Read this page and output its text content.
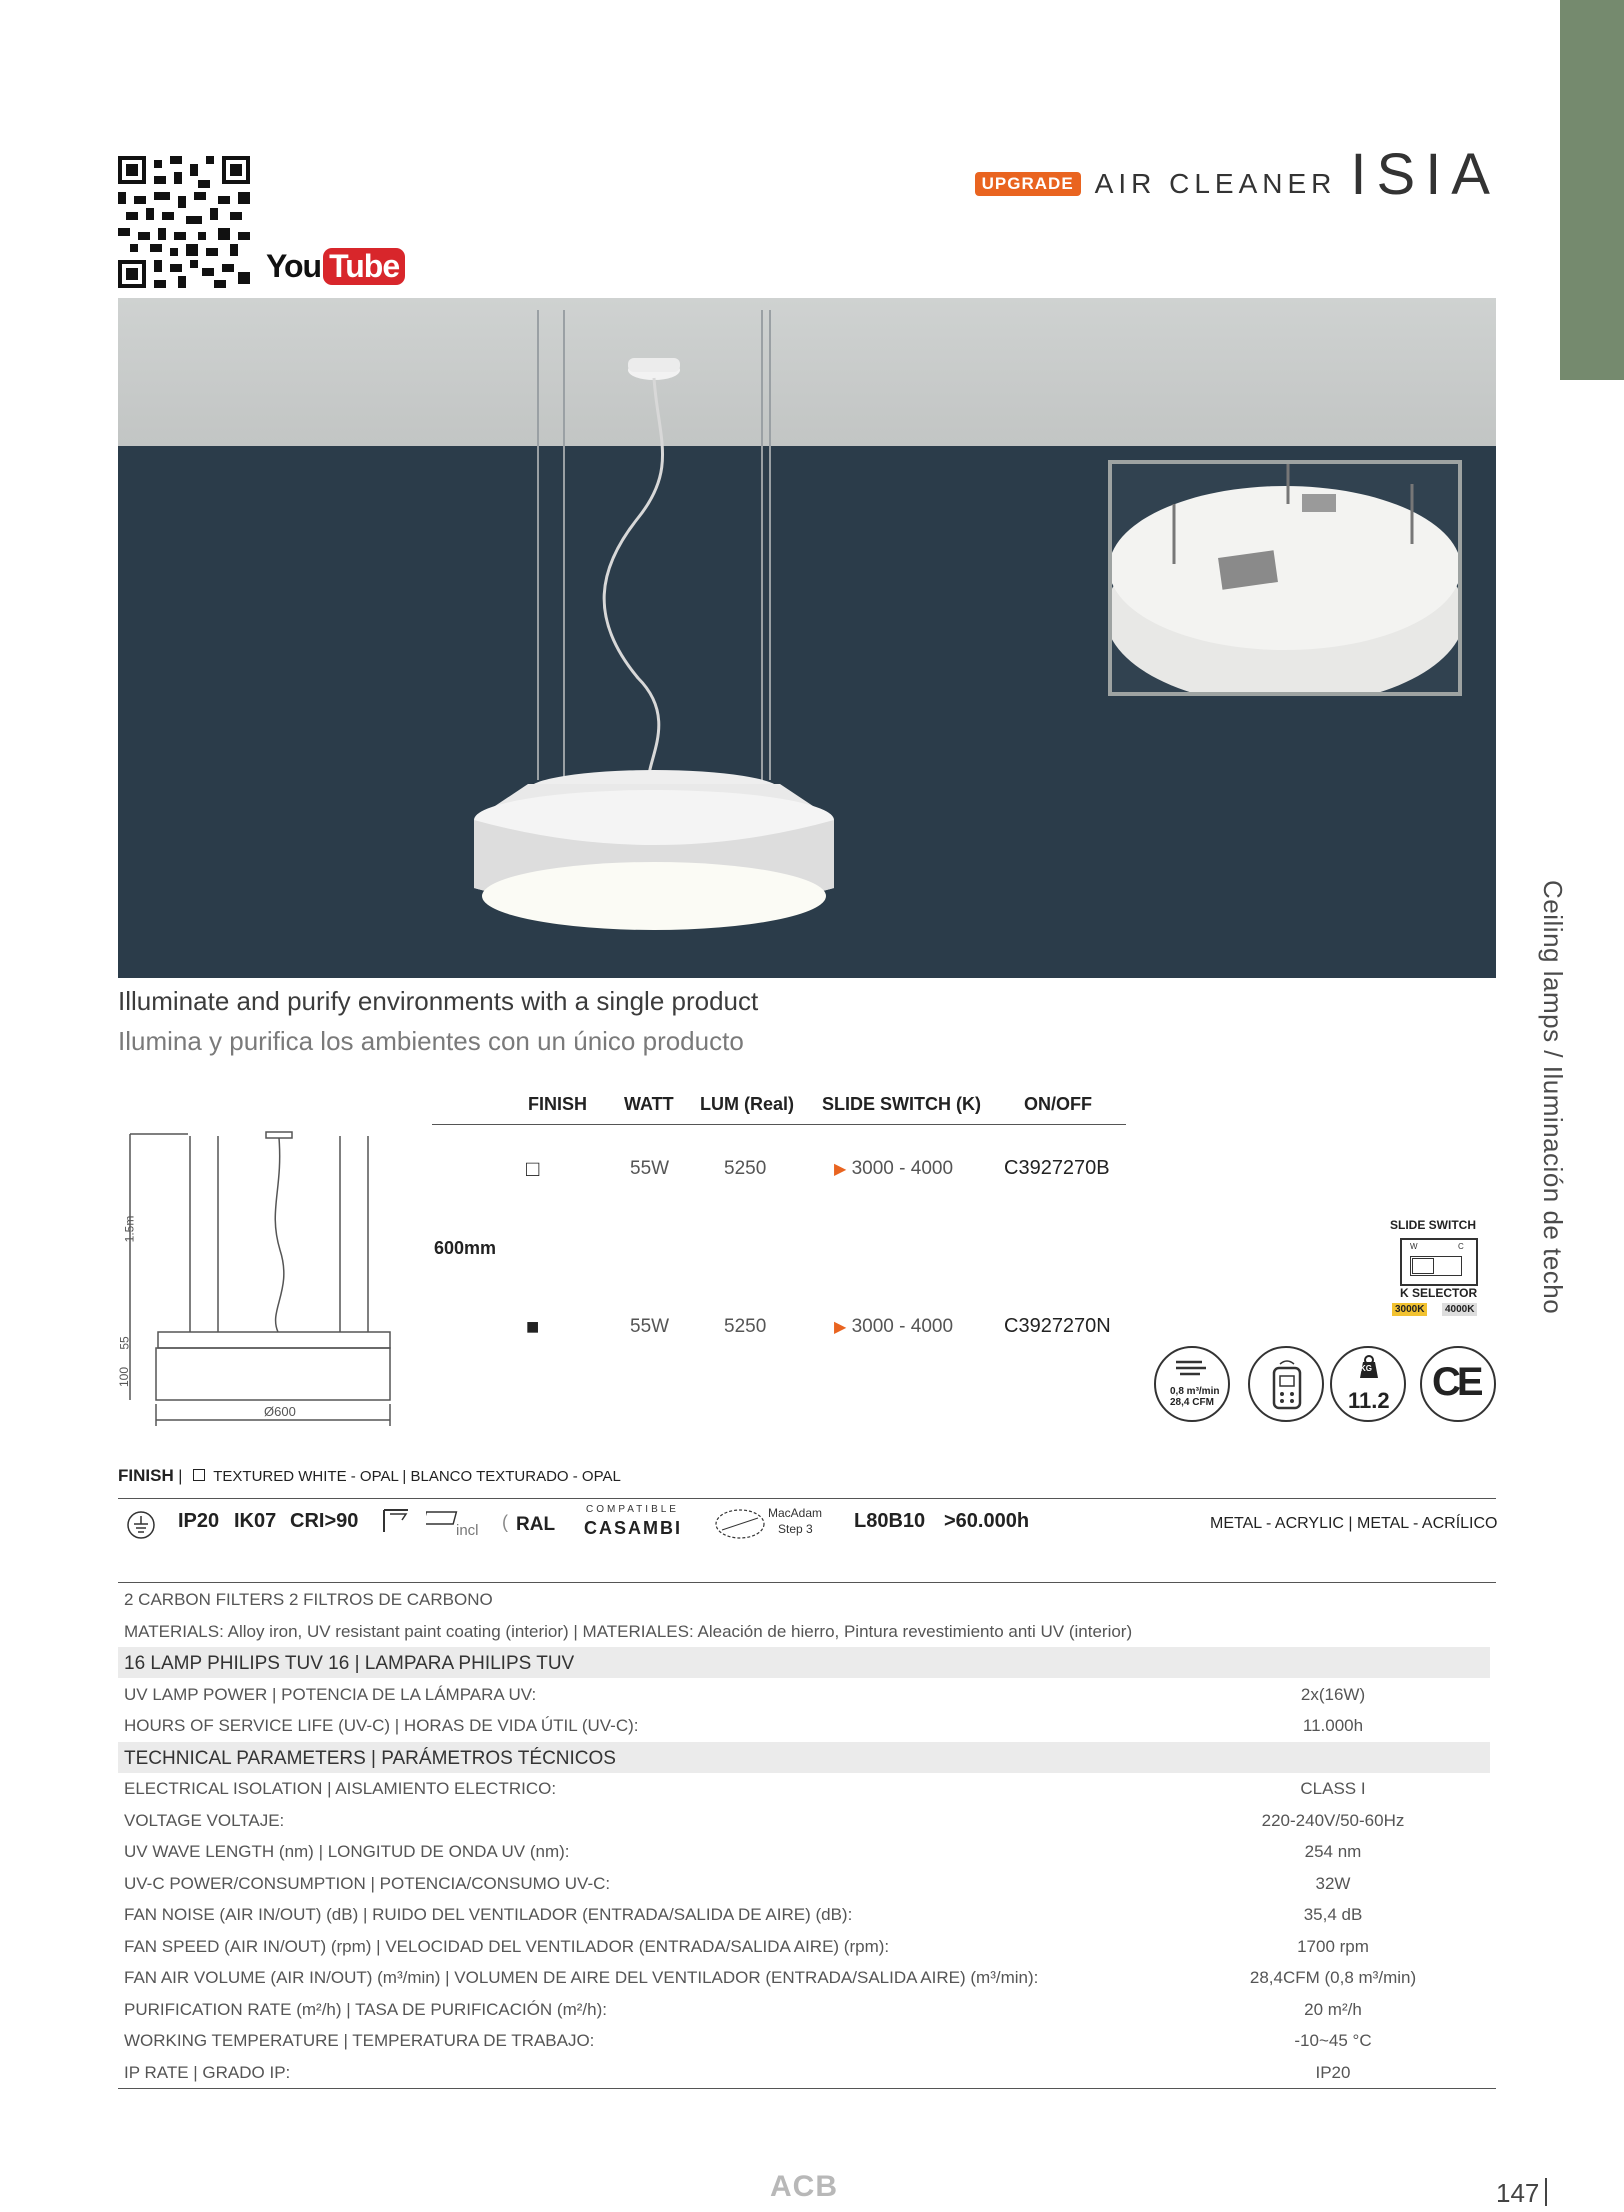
Ceiling lamps / Iluminación de techo
You Tube
UPGRADE AIR CLEANER ISIA
Illuminate and purify environments with a single product
Ilumina y purifica los ambientes con un único producto
1.5m
55
100
Ø600
FINISH WATT LUM (Real) SLIDE SWITCH (K) ON/OFF
600mm
□	55W	5250	▶ 3000 - 4000	C3927270B
■	55W	5250	▶ 3000 - 4000	C3927270N
SLIDE SWITCH
W	C
K SELECTOR
3000K	4000K
0,8 m³/min
28,4 CFM
KG
11.2 CE
FINISH | TEXTURED WHITE - OPAL | BLANCO TEXTURADO - OPAL
IP20 IK07 CRI>90	incl ( RAL
COMPATIBLE
CASAMBI
MacAdam
Step 3 L80B10 >60.000h	METAL - ACRYLIC | METAL - ACRÍLICO
2 CARBON FILTERS 2 FILTROS DE CARBONO
MATERIALS: Alloy iron, UV resistant paint coating (interior) | MATERIALES: Aleación de hierro, Pintura revestimiento anti UV (interior)
16 LAMP PHILIPS TUV 16 | LAMPARA PHILIPS TUV
UV LAMP POWER | POTENCIA DE LA LÁMPARA UV:	2x(16W)
HOURS OF SERVICE LIFE (UV-C) | HORAS DE VIDA ÚTIL (UV-C):	11.000h
TECHNICAL PARAMETERS | PARÁMETROS TÉCNICOS
ELECTRICAL ISOLATION | AISLAMIENTO ELECTRICO:	CLASS I
VOLTAGE VOLTAJE:	220-240V/50-60Hz
UV WAVE LENGTH (nm) | LONGITUD DE ONDA UV (nm):	254 nm
UV-C POWER/CONSUMPTION | POTENCIA/CONSUMO UV-C:	32W
FAN NOISE (AIR IN/OUT) (dB) | RUIDO DEL VENTILADOR (ENTRADA/SALIDA DE AIRE) (dB):	35,4 dB
FAN SPEED (AIR IN/OUT) (rpm) | VELOCIDAD DEL VENTILADOR (ENTRADA/SALIDA AIRE) (rpm):	1700 rpm
FAN AIR VOLUME (AIR IN/OUT) (m³/min) | VOLUMEN DE AIRE DEL VENTILADOR (ENTRADA/SALIDA AIRE) (m³/min):	28,4CFM (0,8 m³/min)
PURIFICATION RATE (m²/h) | TASA DE PURIFICACIÓN (m²/h):	20 m²/h
WORKING TEMPERATURE | TEMPERATURA DE TRABAJO:	-10~45 °C
IP RATE | GRADO IP:	IP20
ACB	147
